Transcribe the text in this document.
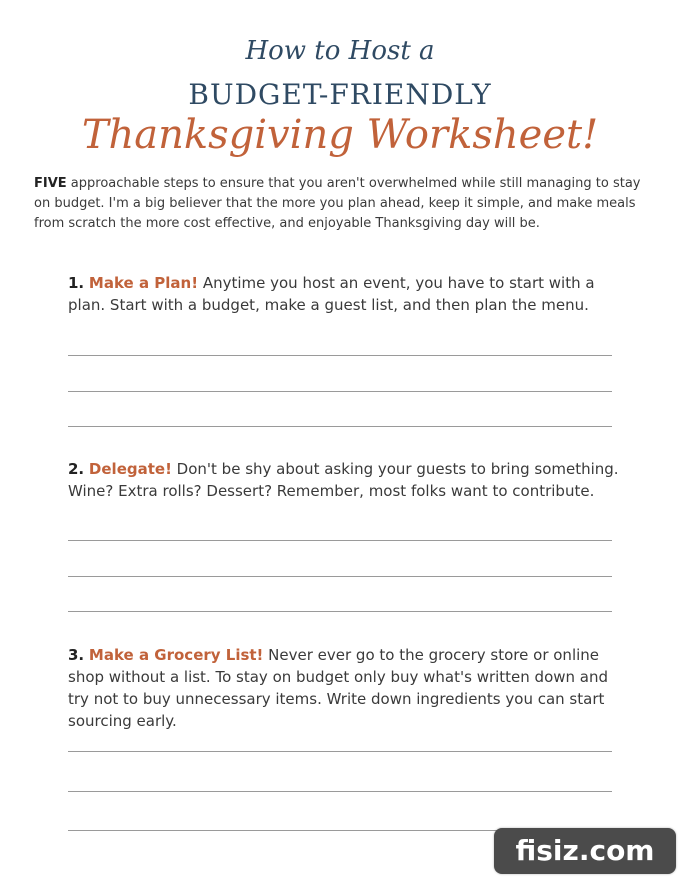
How to Host a
BUDGET-FRIENDLY
Thanksgiving Worksheet!
FIVE approachable steps to ensure that you aren't overwhelmed while still managing to stay on budget. I'm a big believer that the more you plan ahead, keep it simple, and make meals from scratch the more cost effective, and enjoyable Thanksgiving day will be.
1. Make a Plan! Anytime you host an event, you have to start with a plan. Start with a budget, make a guest list, and then plan the menu.
2. Delegate! Don't be shy about asking your guests to bring something. Wine? Extra rolls? Dessert? Remember, most folks want to contribute.
3. Make a Grocery List! Never ever go to the grocery store or online shop without a list. To stay on budget only buy what's written down and try not to buy unnecessary items. Write down ingredients you can start sourcing early.
fisiz.com
